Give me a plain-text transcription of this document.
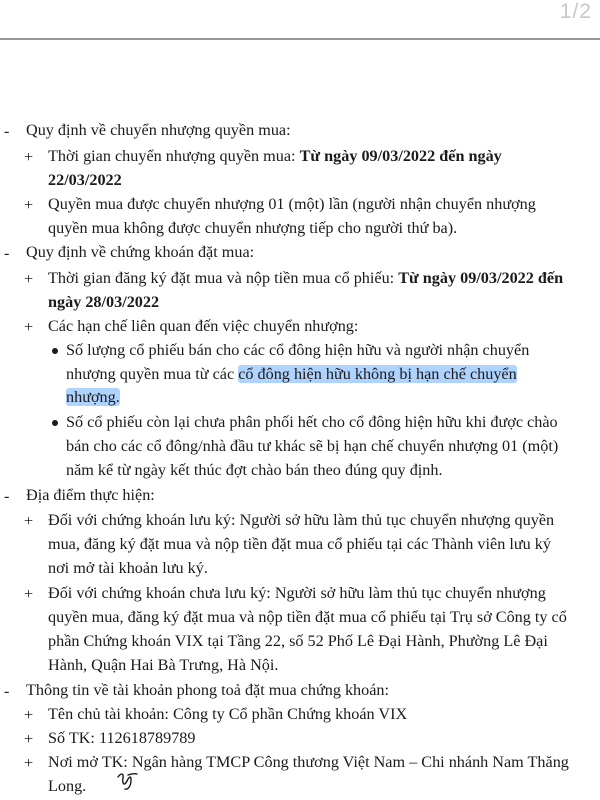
1/2
- Quy định về chuyển nhượng quyền mua:
+ Thời gian chuyển nhượng quyền mua: Từ ngày 09/03/2022 đến ngày
22/03/2022
+ Quyền mua được chuyển nhượng 01 (một) lần (người nhận chuyển nhượng
quyền mua không được chuyển nhượng tiếp cho người thứ ba).
- Quy định về chứng khoán đặt mua:
+ Thời gian đăng ký đặt mua và nộp tiền mua cổ phiếu: Từ ngày 09/03/2022 đến
ngày 28/03/2022
+ Các hạn chế liên quan đến việc chuyển nhượng:
Số lượng cổ phiếu bán cho các cổ đông hiện hữu và người nhận chuyển
nhượng quyền mua từ các cổ đông hiện hữu không bị hạn chế chuyển
nhượng.
Số cổ phiếu còn lại chưa phân phối hết cho cổ đông hiện hữu khi được chào
bán cho các cổ đông/nhà đầu tư khác sẽ bị hạn chế chuyển nhượng 01 (một)
năm kể từ ngày kết thúc đợt chào bán theo đúng quy định.
- Địa điểm thực hiện:
+ Đối với chứng khoán lưu ký: Người sở hữu làm thủ tục chuyển nhượng quyền
mua, đăng ký đặt mua và nộp tiền đặt mua cổ phiếu tại các Thành viên lưu ký
nơi mở tài khoản lưu ký.
+ Đối với chứng khoán chưa lưu ký: Người sở hữu làm thủ tục chuyển nhượng
quyền mua, đăng ký đặt mua và nộp tiền đặt mua cổ phiếu tại Trụ sở Công ty cổ
phần Chứng khoán VIX tại Tầng 22, số 52 Phố Lê Đại Hành, Phường Lê Đại
Hành, Quận Hai Bà Trưng, Hà Nội.
- Thông tin về tài khoản phong toả đặt mua chứng khoán:
+ Tên chủ tài khoản: Công ty Cổ phần Chứng khoán VIX
+ Số TK: 112618789789
+ Nơi mở TK: Ngân hàng TMCP Công thương Việt Nam – Chi nhánh Nam Thăng
Long.
